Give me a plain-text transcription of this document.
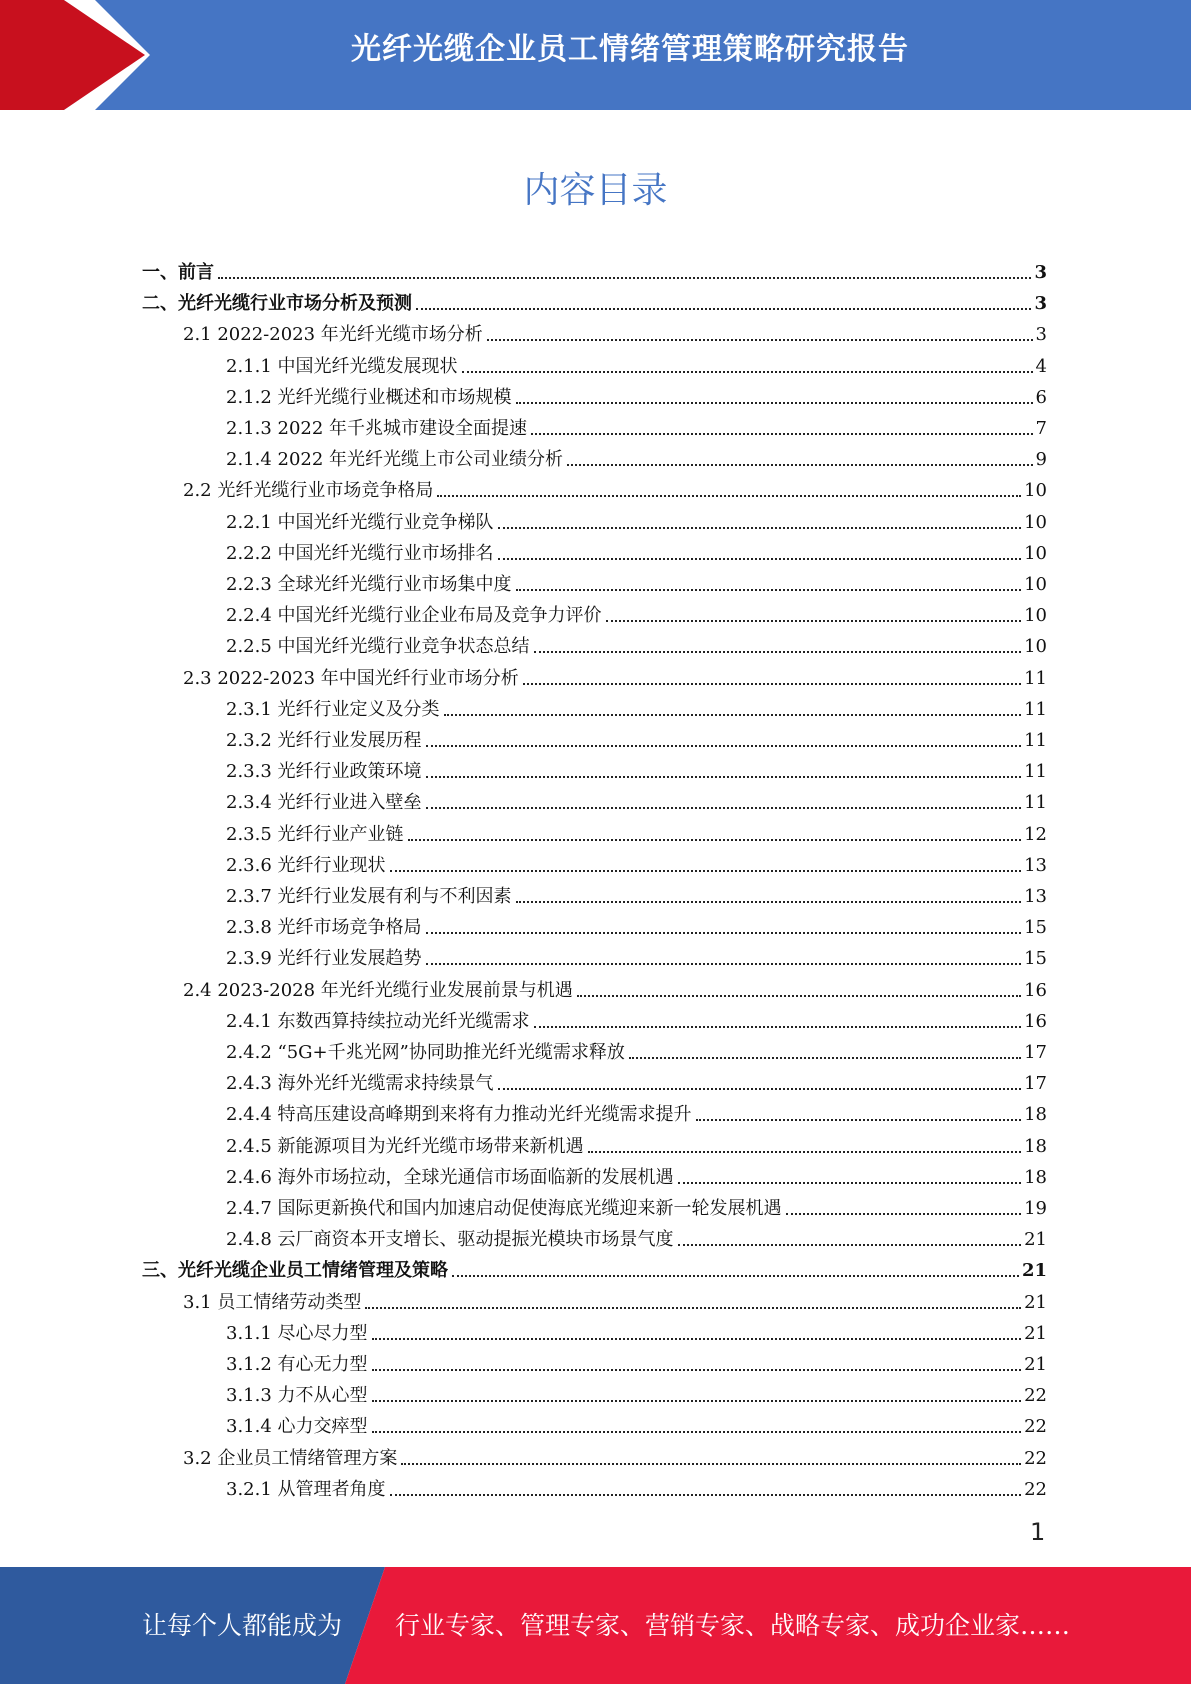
光纤光缆企业员工情绪管理策略研究报告
内容目录
一、前言	3
二、光纤光缆行业市场分析及预测	3
2.1 2022-2023 年光纤光缆市场分析	3
2.1.1 中国光纤光缆发展现状	4
2.1.2 光纤光缆行业概述和市场规模	6
2.1.3 2022 年千兆城市建设全面提速	7
2.1.4 2022 年光纤光缆上市公司业绩分析	9
2.2 光纤光缆行业市场竞争格局	10
2.2.1 中国光纤光缆行业竞争梯队	10
2.2.2 中国光纤光缆行业市场排名	10
2.2.3 全球光纤光缆行业市场集中度	10
2.2.4 中国光纤光缆行业企业布局及竞争力评价	10
2.2.5 中国光纤光缆行业竞争状态总结	10
2.3 2022-2023 年中国光纤行业市场分析	11
2.3.1 光纤行业定义及分类	11
2.3.2 光纤行业发展历程	11
2.3.3 光纤行业政策环境	11
2.3.4 光纤行业进入壁垒	11
2.3.5 光纤行业产业链	12
2.3.6 光纤行业现状	13
2.3.7 光纤行业发展有利与不利因素	13
2.3.8 光纤市场竞争格局	15
2.3.9 光纤行业发展趋势	15
2.4 2023-2028 年光纤光缆行业发展前景与机遇	16
2.4.1 东数西算持续拉动光纤光缆需求	16
2.4.2 “5G+千兆光网”协同助推光纤光缆需求释放	17
2.4.3 海外光纤光缆需求持续景气	17
2.4.4 特高压建设高峰期到来将有力推动光纤光缆需求提升	18
2.4.5 新能源项目为光纤光缆市场带来新机遇	18
2.4.6 海外市场拉动，全球光通信市场面临新的发展机遇	18
2.4.7 国际更新换代和国内加速启动促使海底光缆迎来新一轮发展机遇	19
2.4.8 云厂商资本开支增长、驱动提振光模块市场景气度	21
三、光纤光缆企业员工情绪管理及策略	21
3.1 员工情绪劳动类型	21
3.1.1 尽心尽力型	21
3.1.2 有心无力型	21
3.1.3 力不从心型	22
3.1.4 心力交瘁型	22
3.2 企业员工情绪管理方案	22
3.2.1 从管理者角度	22
1
让每个人都能成为 行业专家、管理专家、营销专家、战略专家、成功企业家……
